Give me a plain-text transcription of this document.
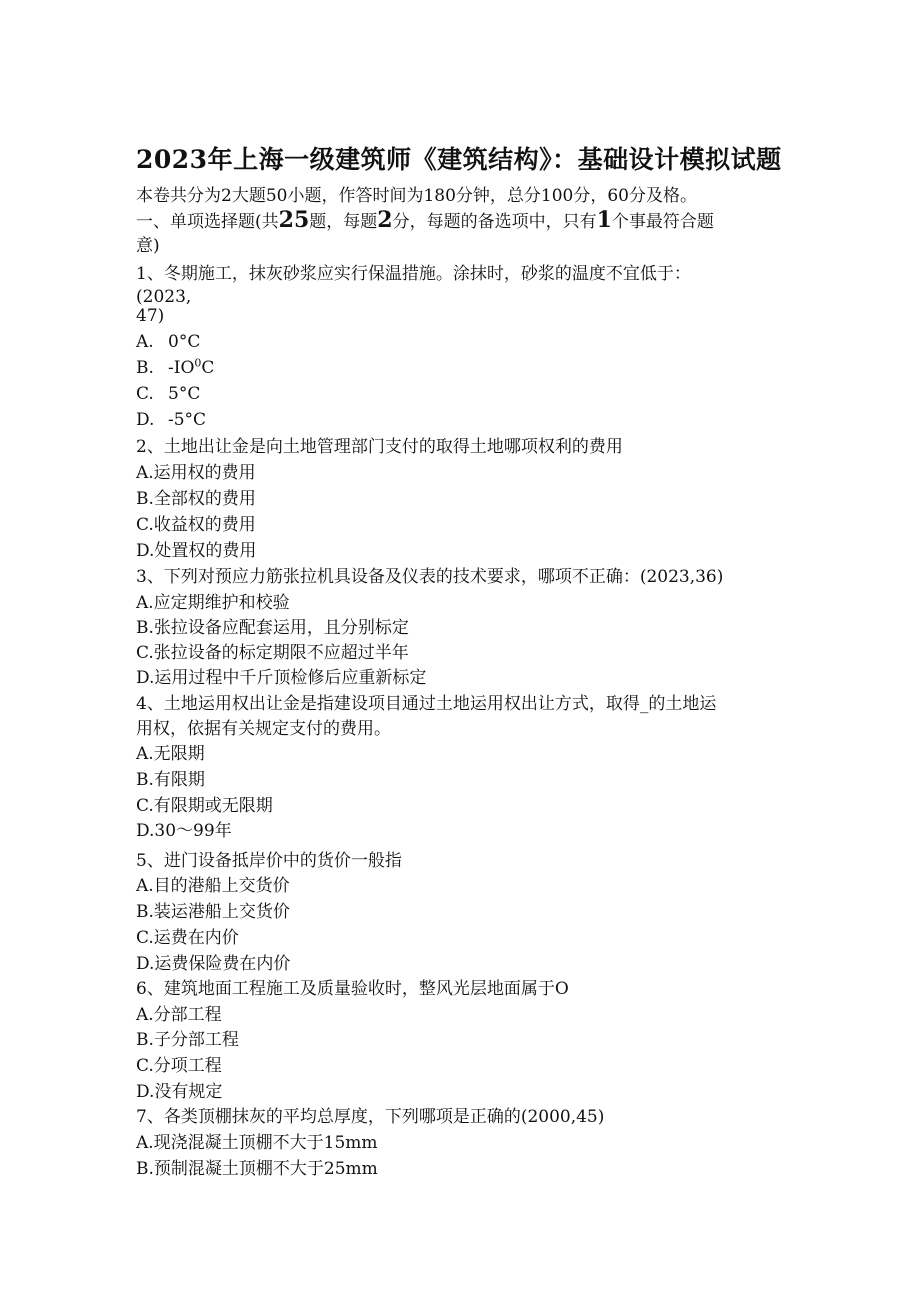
2023年上海一级建筑师《建筑结构》：基础设计模拟试题
本卷共分为2大题50小题，作答时间为180分钟，总分100分，60分及格。
一、单项选择题(共25题，每题2分，每题的备选项中，只有1个事最符合题
意)
1、冬期施工，抹灰砂浆应实行保温措施。涂抹时，砂浆的温度不宜低于：
(2023,
47)
A. 0°C
B. $-IO^0C$
C. 5°C
D. -5°C
2、土地出让金是向土地管理部门支付的取得土地哪项权利的费用
A.运用权的费用
B.全部权的费用
C.收益权的费用
D.处置权的费用
3、下列对预应力筋张拉机具设备及仪表的技术要求，哪项不正确：(2023,36)
A.应定期维护和校验
B.张拉设备应配套运用，且分别标定
C.张拉设备的标定期限不应超过半年
D.运用过程中千斤顶检修后应重新标定
4、土地运用权出让金是指建设项目通过土地运用权出让方式，取得_的土地运
用权，依据有关规定支付的费用。
A.无限期
B.有限期
C.有限期或无限期
D.30～99年
5、进门设备抵岸价中的货价一般指
A.目的港船上交货价
B.装运港船上交货价
C.运费在内价
D.运费保险费在内价
6、建筑地面工程施工及质量验收时，整风光层地面属于O
A.分部工程
B.子分部工程
C.分项工程
D.没有规定
7、各类顶棚抹灰的平均总厚度，下列哪项是正确的(2000,45)
A.现浇混凝土顶棚不大于15mm
B.预制混凝土顶棚不大于25mm
